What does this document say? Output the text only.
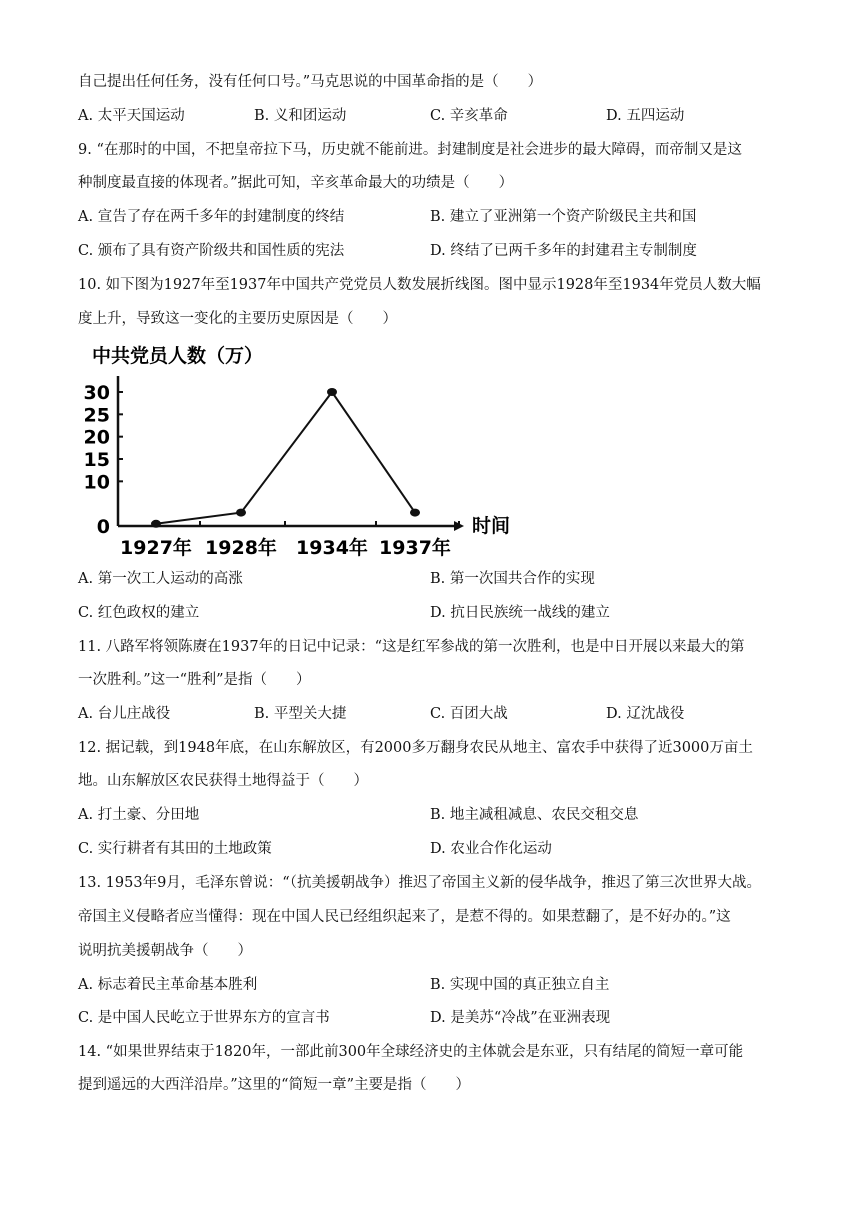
自己提出任何任务，没有任何口号。”马克思说的中国革命指的是（　　）
A. 太平天国运动	B. 义和团运动	C. 辛亥革命	D. 五四运动
9. “在那时的中国，不把皇帝拉下马，历史就不能前进。封建制度是社会进步的最大障碍，而帝制又是这
种制度最直接的体现者。”据此可知，辛亥革命最大的功绩是（　　）
A. 宣告了存在两千多年的封建制度的终结	B. 建立了亚洲第一个资产阶级民主共和国
C. 颁布了具有资产阶级共和国性质的宪法	D. 终结了已两千多年的封建君主专制制度
10. 如下图为1927年至1937年中国共产党党员人数发展折线图。图中显示1928年至1934年党员人数大幅
度上升，导致这一变化的主要历史原因是（　　）
中共党员人数（万）
时间
0
10
15
20
25
30
1927年 1928年 1934年 1937年
A. 第一次工人运动的高涨	B. 第一次国共合作的实现
C. 红色政权的建立	D. 抗日民族统一战线的建立
11. 八路军将领陈赓在1937年的日记中记录：“这是红军参战的第一次胜利，也是中日开展以来最大的第
一次胜利。”这一“胜利”是指（　　）
A. 台儿庄战役	B. 平型关大捷	C. 百团大战	D. 辽沈战役
12. 据记载，到1948年底，在山东解放区，有2000多万翻身农民从地主、富农手中获得了近3000万亩土
地。山东解放区农民获得土地得益于（　　）
A. 打土豪、分田地	B. 地主减租减息、农民交租交息
C. 实行耕者有其田的土地政策	D. 农业合作化运动
13. 1953年9月，毛泽东曾说：“（抗美援朝战争）推迟了帝国主义新的侵华战争，推迟了第三次世界大战。
帝国主义侵略者应当懂得：现在中国人民已经组织起来了，是惹不得的。如果惹翻了，是不好办的。”这
说明抗美援朝战争（　　）
A. 标志着民主革命基本胜利	B. 实现中国的真正独立自主
C. 是中国人民屹立于世界东方的宣言书	D. 是美苏“冷战”在亚洲表现
14. “如果世界结束于1820年，一部此前300年全球经济史的主体就会是东亚，只有结尾的简短一章可能
提到遥远的大西洋沿岸。”这里的“简短一章”主要是指（　　）
